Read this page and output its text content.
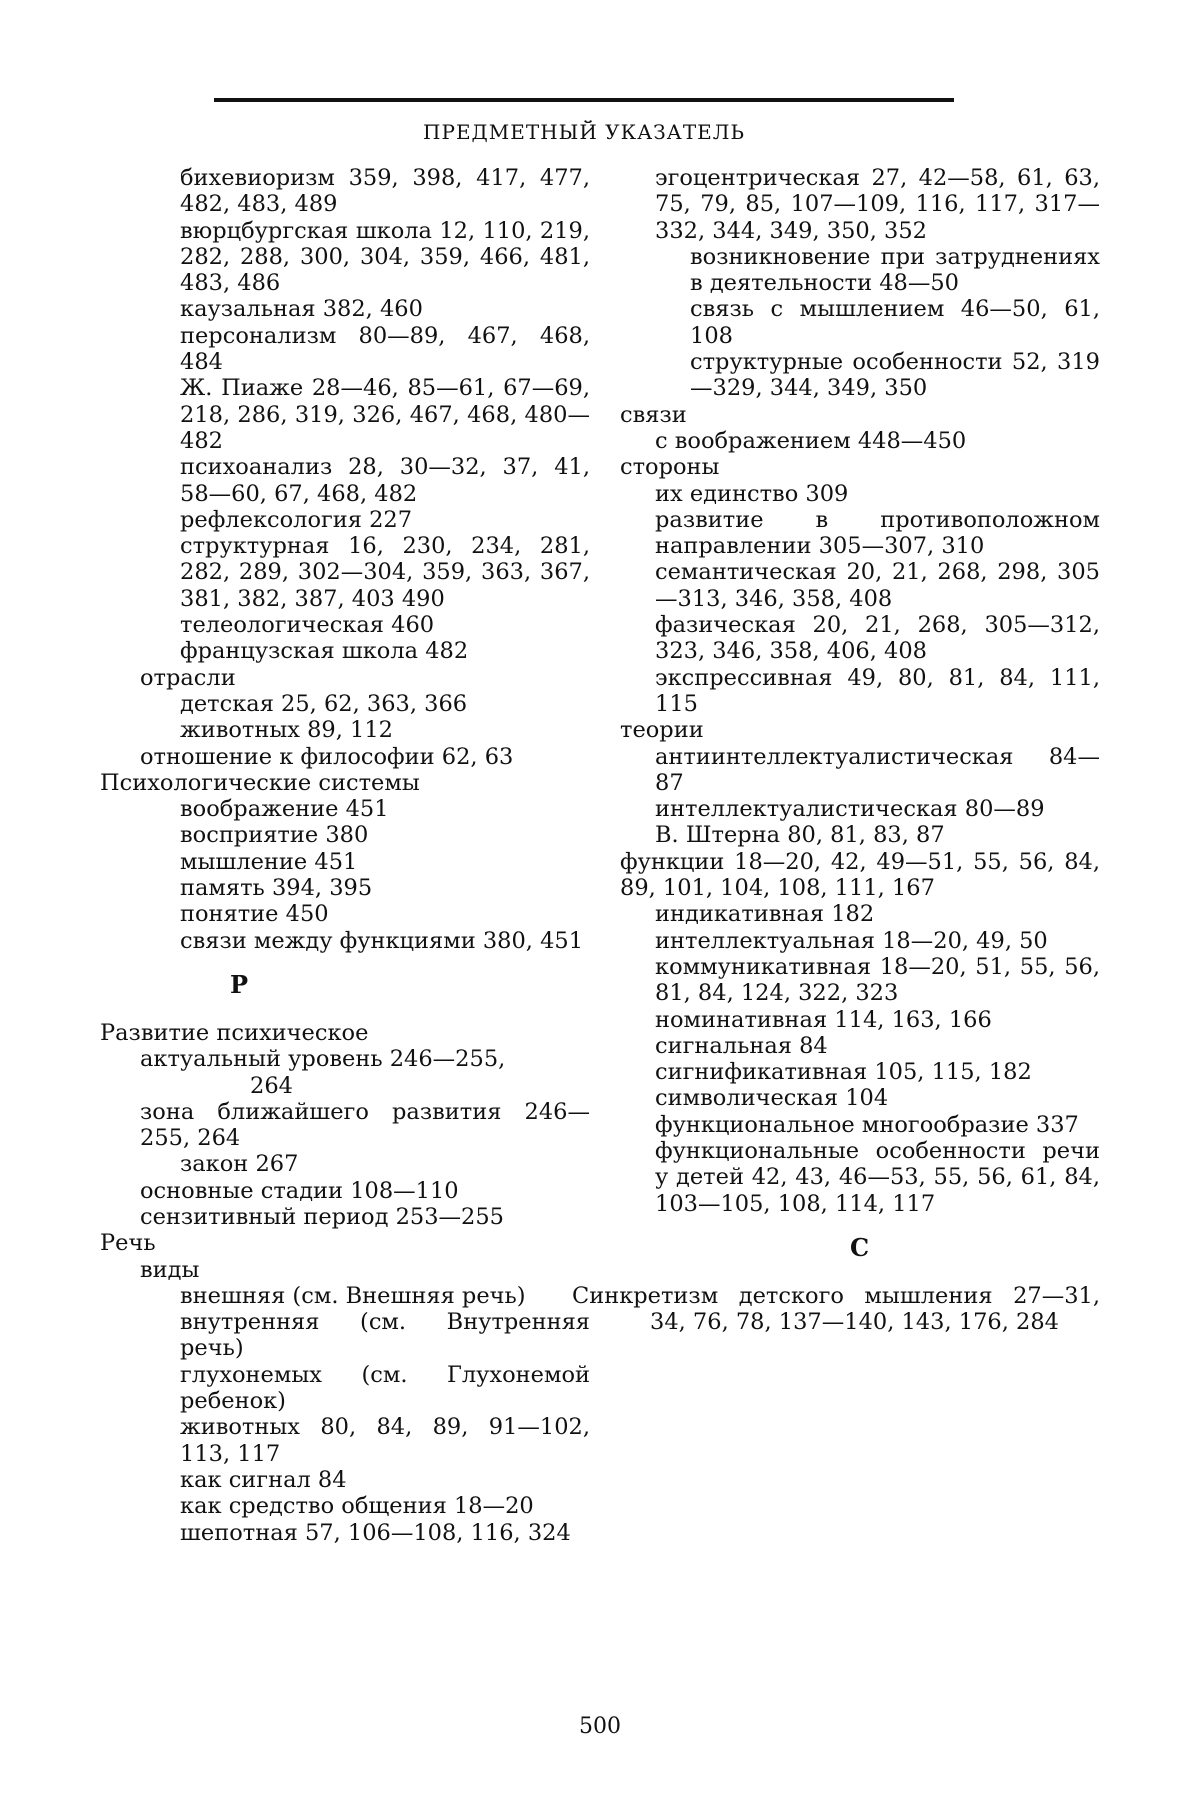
ПРЕДМЕТНЫЙ УКАЗАТЕЛЬ
бихевиоризм 359, 398, 417, 477, 482, 483, 489
вюрцбургская школа 12, 110, 219, 282, 288, 300, 304, 359, 466, 481, 483, 486
каузальная 382, 460
персонализм 80—89, 467, 468, 484
Ж. Пиаже 28—46, 85—61, 67—69, 218, 286, 319, 326, 467, 468, 480—482
психоанализ 28, 30—32, 37, 41, 58—60, 67, 468, 482
рефлексология 227
структурная 16, 230, 234, 281, 282, 289, 302—304, 359, 363, 367, 381, 382, 387, 403 490
телеологическая 460
французская школа 482
отрасли
детская 25, 62, 363, 366
животных 89, 112
отношение к философии 62, 63
Психологические системы
воображение 451
восприятие 380
мышление 451
память 394, 395
понятие 450
связи между функциями 380, 451
Р
Развитие психическое
актуальный уровень 246—255,
264
зона ближайшего развития 246—255, 264
закон 267
основные стадии 108—110
сензитивный период 253—255
Речь
виды
внешняя (см. Внешняя речь)
внутренняя (см. Внутренняя речь)
глухонемых (см. Глухонемой ребенок)
животных 80, 84, 89, 91—102, 113, 117
как сигнал 84
как средство общения 18—20
шепотная 57, 106—108, 116, 324
эгоцентрическая 27, 42—58, 61, 63, 75, 79, 85, 107—109, 116, 117, 317—332, 344, 349, 350, 352
возникновение при затруднениях в деятельности 48—50
связь с мышлением 46—50, 61, 108
структурные особенности 52, 319—329, 344, 349, 350
связи
с воображением 448—450
стороны
их единство 309
развитие в противоположном направлении 305—307, 310
семантическая 20, 21, 268, 298, 305—313, 346, 358, 408
фазическая 20, 21, 268, 305—312, 323, 346, 358, 406, 408
экспрессивная 49, 80, 81, 84, 111, 115
теории
антиинтеллектуалистическая 84—87
интеллектуалистическая 80—89
В. Штерна 80, 81, 83, 87
функции 18—20, 42, 49—51, 55, 56, 84, 89, 101, 104, 108, 111, 167
индикативная 182
интеллектуальная 18—20, 49, 50
коммуникативная 18—20, 51, 55, 56, 81, 84, 124, 322, 323
номинативная 114, 163, 166
сигнальная 84
сигнификативная 105, 115, 182
символическая 104
функциональное многообразие 337
функциональные особенности речи у детей 42, 43, 46—53, 55, 56, 61, 84, 103—105, 108, 114, 117
С
Синкретизм детского мышления 27—31, 34, 76, 78, 137—140, 143, 176, 284
500
